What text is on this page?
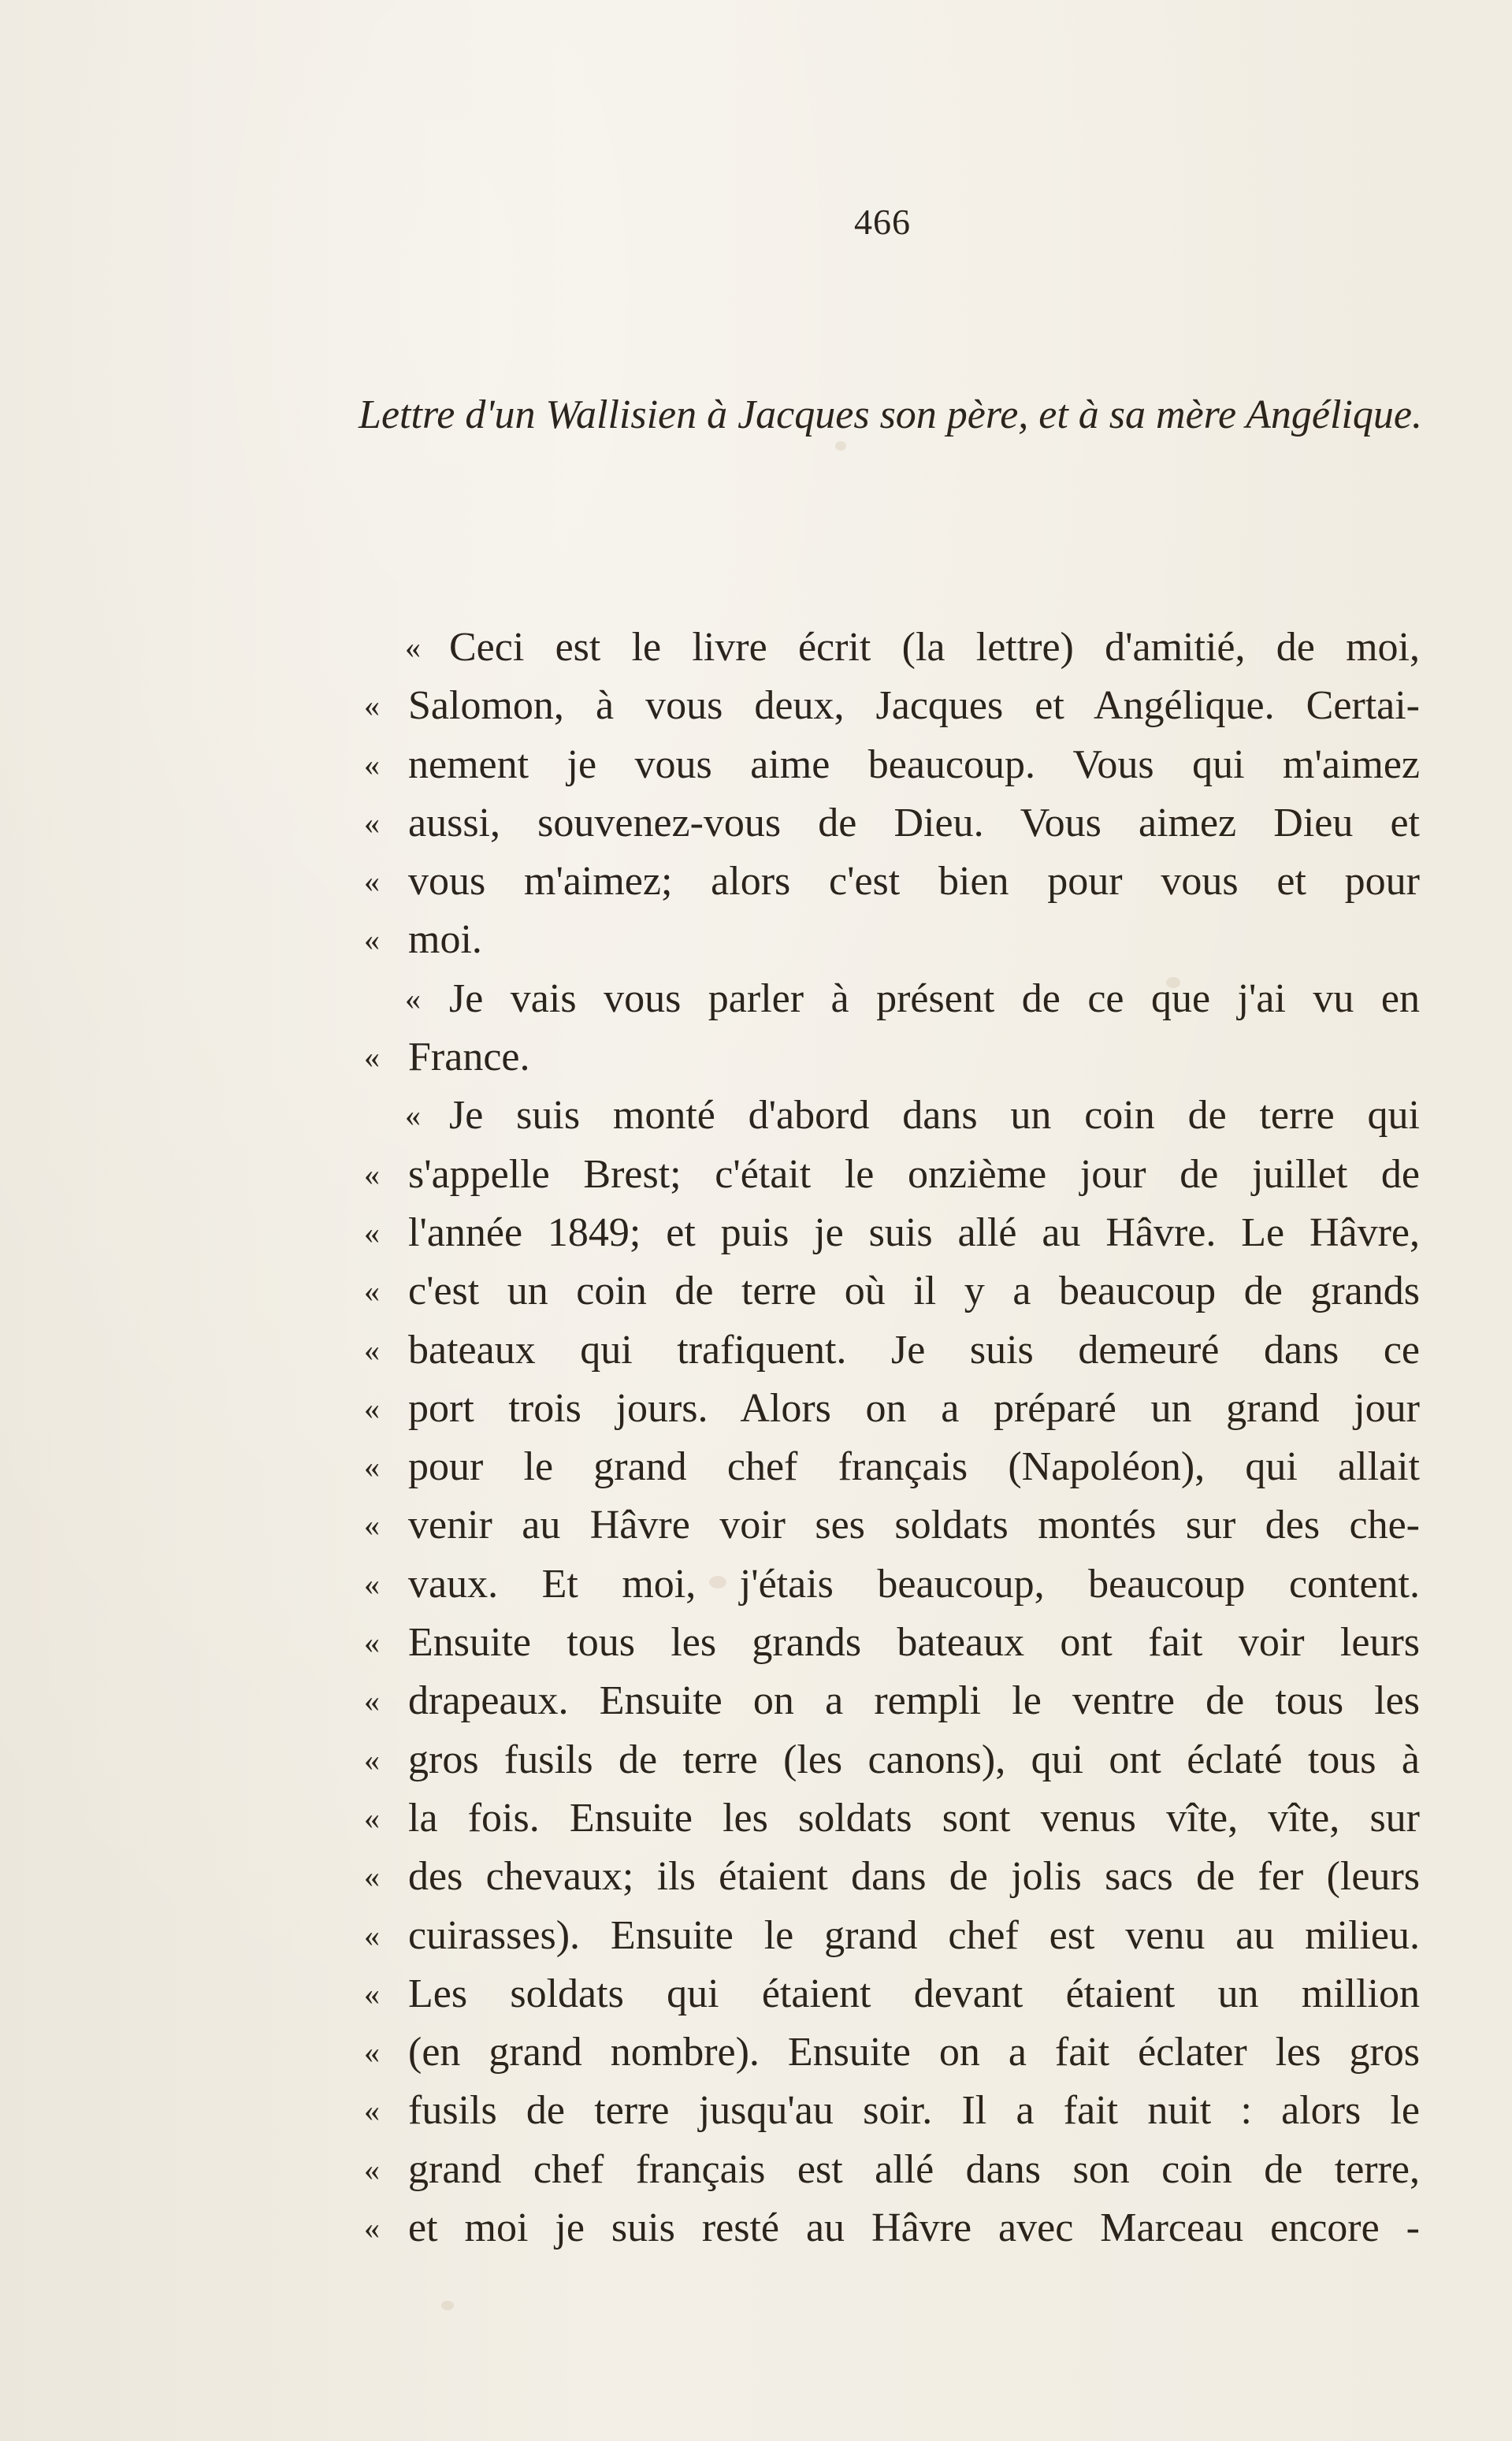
466
Lettre d'un Wallisien à Jacques son père, et à sa mère Angélique.
« Ceci est le livre écrit (la lettre) d'amitié, de moi,
« Salomon, à vous deux, Jacques et Angélique. Certai-
« nement je vous aime beaucoup. Vous qui m'aimez
« aussi, souvenez-vous de Dieu. Vous aimez Dieu et
« vous m'aimez; alors c'est bien pour vous et pour
« moi.
« Je vais vous parler à présent de ce que j'ai vu en
« France.
« Je suis monté d'abord dans un coin de terre qui
« s'appelle Brest; c'était le onzième jour de juillet de
« l'année 1849; et puis je suis allé au Hâvre. Le Hâvre,
« c'est un coin de terre où il y a beaucoup de grands
« bateaux qui trafiquent. Je suis demeuré dans ce
« port trois jours. Alors on a préparé un grand jour
« pour le grand chef français (Napoléon), qui allait
« venir au Hâvre voir ses soldats montés sur des che-
« vaux. Et moi, j'étais beaucoup, beaucoup content.
« Ensuite tous les grands bateaux ont fait voir leurs
« drapeaux. Ensuite on a rempli le ventre de tous les
« gros fusils de terre (les canons), qui ont éclaté tous à
« la fois. Ensuite les soldats sont venus vîte, vîte, sur
« des chevaux; ils étaient dans de jolis sacs de fer (leurs
« cuirasses). Ensuite le grand chef est venu au milieu.
« Les soldats qui étaient devant étaient un million
« (en grand nombre). Ensuite on a fait éclater les gros
« fusils de terre jusqu'au soir. Il a fait nuit : alors le
« grand chef français est allé dans son coin de terre,
« et moi je suis resté au Hâvre avec Marceau encore -
